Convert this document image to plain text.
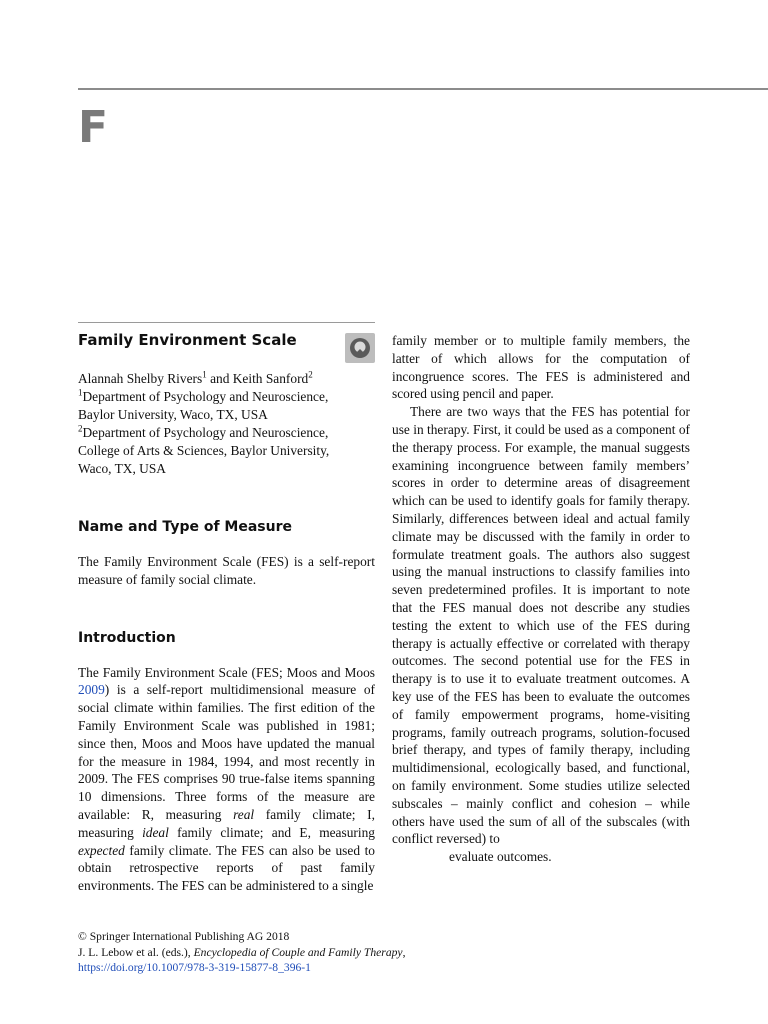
F
Family Environment Scale
Alannah Shelby Rivers$^1$ and Keith Sanford$^2$
$^1$Department of Psychology and Neuroscience,
Baylor University, Waco, TX, USA
$^2$Department of Psychology and Neuroscience,
College of Arts & Sciences, Baylor University,
Waco, TX, USA
Name and Type of Measure

The Family Environment Scale (FES) is a self-report measure of family social climate.

Introduction

The Family Environment Scale (FES; Moos and Moos 2009) is a self-report multidimensional measure of social climate within families. The first edition of the Family Environment Scale was published in 1981; since then, Moos and Moos have updated the manual for the measure in 1984, 1994, and most recently in 2009. The FES comprises 90 true-false items spanning 10 dimensions. Three forms of the measure are available: R, measuring real family climate; I, measuring ideal family climate; and E, measuring expected family climate. The FES can also be used to obtain retrospective reports of past family environments. The FES can be administered to a single

family member or to multiple family members, the latter of which allows for the computation of incongruence scores. The FES is administered and scored using pencil and paper.

There are two ways that the FES has potential for use in therapy. First, it could be used as a component of the therapy process. For example, the manual suggests examining incongruence between family members’ scores in order to determine areas of disagreement which can be used to identify goals for family therapy. Similarly, differences between ideal and actual family climate may be discussed with the family in order to formulate treatment goals. The authors also suggest using the manual instructions to classify families into seven predetermined profiles. It is important to note that the FES manual does not describe any studies testing the extent to which use of the FES during therapy is actually effective or correlated with therapy outcomes. The second potential use for the FES in therapy is to use it to evaluate treatment outcomes. A key use of the FES has been to evaluate the outcomes of family empowerment programs, home-visiting programs, family outreach programs, solution-focused brief therapy, and types of family therapy, including multidimensional, ecologically based, and functional, on family environment. Some studies utilize selected subscales – mainly conflict and cohesion – while others have used the sum of all of the subscales (with conflict reversed) to

evaluate outcomes.

© Springer International Publishing AG 2018
J. L. Lebow et al. (eds.), Encyclopedia of Couple and Family Therapy,
https://doi.org/10.1007/978-3-319-15877-8_396-1
